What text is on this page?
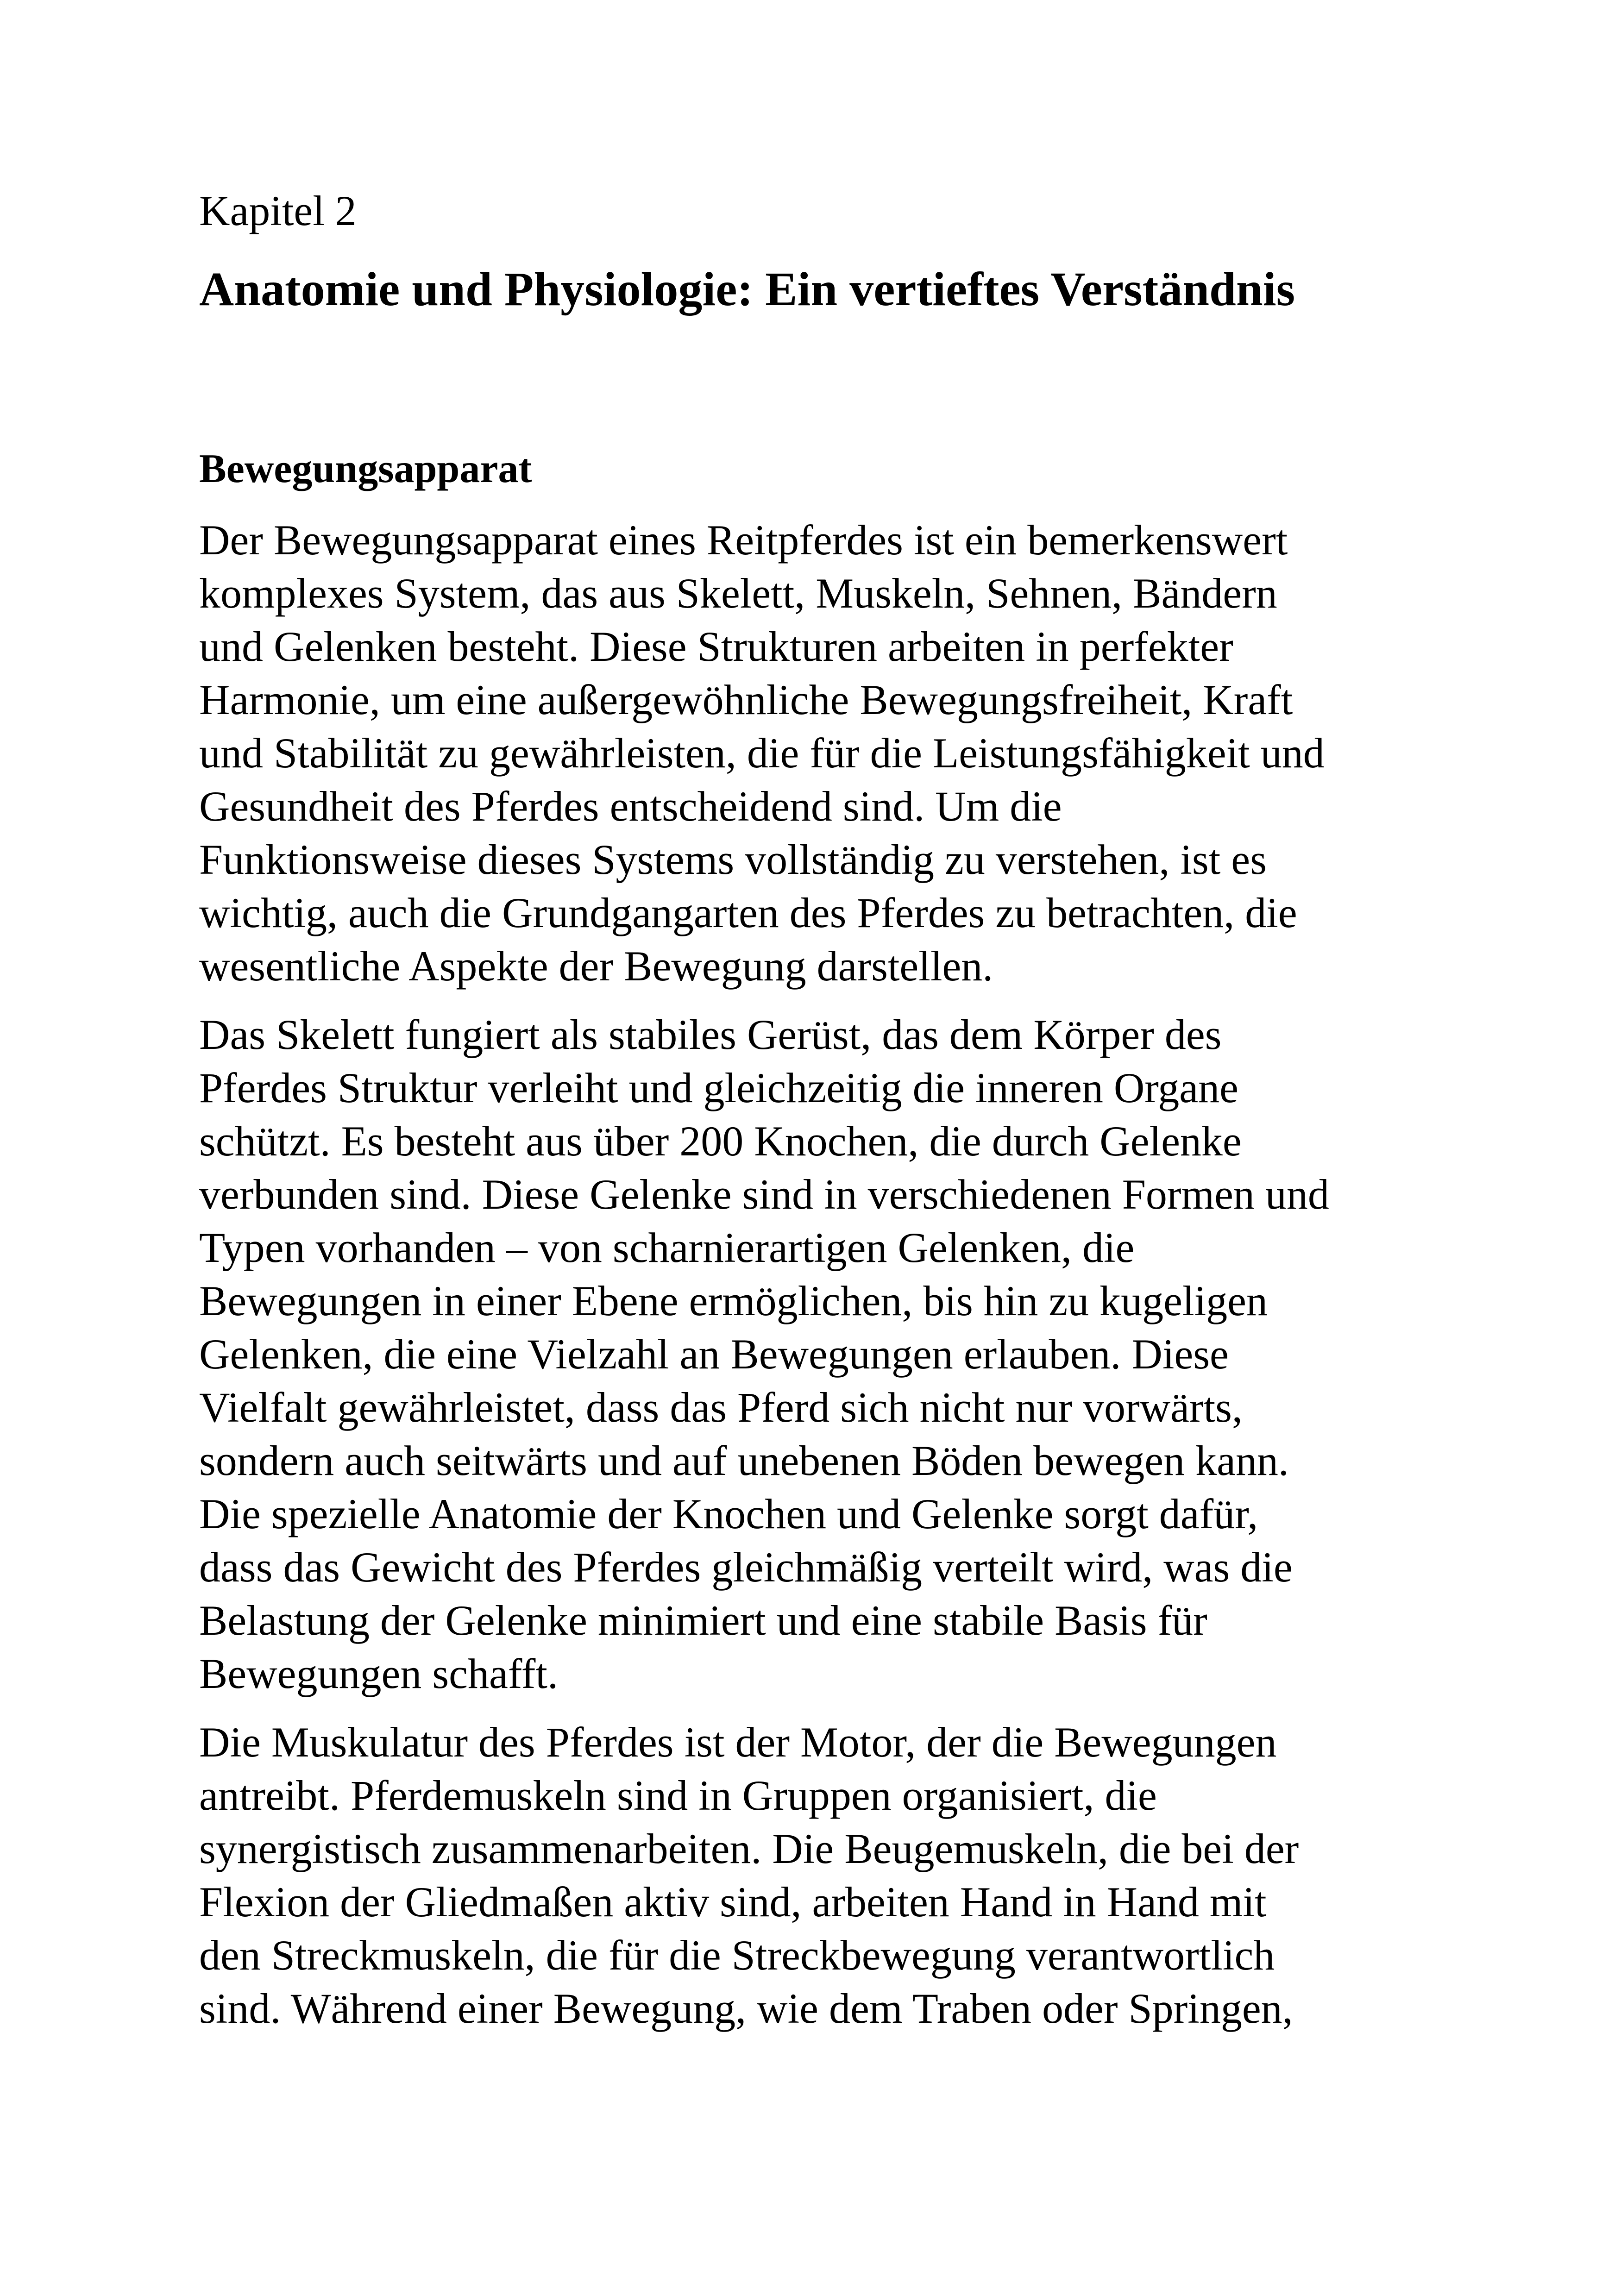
Kapitel 2
Anatomie und Physiologie: Ein vertieftes Verständnis
Bewegungsapparat
Der Bewegungsapparat eines Reitpferdes ist ein bemerkenswert
komplexes System, das aus Skelett, Muskeln, Sehnen, Bändern
und Gelenken besteht. Diese Strukturen arbeiten in perfekter
Harmonie, um eine außergewöhnliche Bewegungsfreiheit, Kraft
und Stabilität zu gewährleisten, die für die Leistungsfähigkeit und
Gesundheit des Pferdes entscheidend sind. Um die
Funktionsweise dieses Systems vollständig zu verstehen, ist es
wichtig, auch die Grundgangarten des Pferdes zu betrachten, die
wesentliche Aspekte der Bewegung darstellen.
Das Skelett fungiert als stabiles Gerüst, das dem Körper des
Pferdes Struktur verleiht und gleichzeitig die inneren Organe
schützt. Es besteht aus über 200 Knochen, die durch Gelenke
verbunden sind. Diese Gelenke sind in verschiedenen Formen und
Typen vorhanden – von scharnierartigen Gelenken, die
Bewegungen in einer Ebene ermöglichen, bis hin zu kugeligen
Gelenken, die eine Vielzahl an Bewegungen erlauben. Diese
Vielfalt gewährleistet, dass das Pferd sich nicht nur vorwärts,
sondern auch seitwärts und auf unebenen Böden bewegen kann.
Die spezielle Anatomie der Knochen und Gelenke sorgt dafür,
dass das Gewicht des Pferdes gleichmäßig verteilt wird, was die
Belastung der Gelenke minimiert und eine stabile Basis für
Bewegungen schafft.
Die Muskulatur des Pferdes ist der Motor, der die Bewegungen
antreibt. Pferdemuskeln sind in Gruppen organisiert, die
synergistisch zusammenarbeiten. Die Beugemuskeln, die bei der
Flexion der Gliedmaßen aktiv sind, arbeiten Hand in Hand mit
den Streckmuskeln, die für die Streckbewegung verantwortlich
sind. Während einer Bewegung, wie dem Traben oder Springen,
